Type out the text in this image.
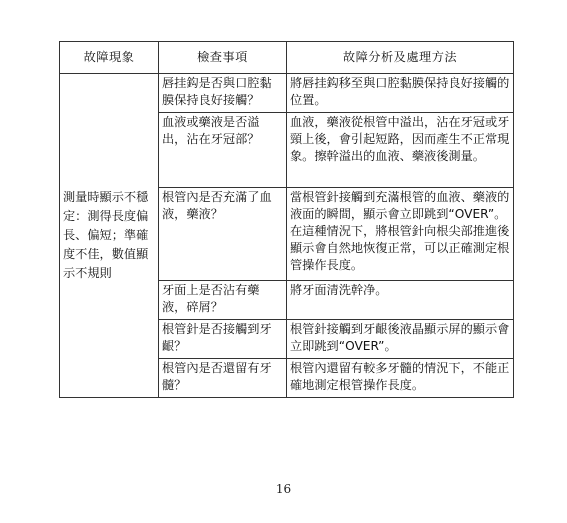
故障現象	檢查事項	故障分析及處理方法
測量時顯示不穩定：測得長度偏長、偏短；準確度不佳，數值顯示不規則	唇挂鈎是否與口腔黏膜保持良好接觸？	將唇挂鈎移至與口腔黏膜保持良好接觸的位置。
	血液或藥液是否溢出，沾在牙冠部？	血液，藥液從根管中溢出，沾在牙冠或牙頸上後，會引起短路，因而產生不正常現象。擦幹溢出的血液、藥液後測量。
	根管內是否充滿了血液，藥液？	當根管針接觸到充滿根管的血液、藥液的液面的瞬間，顯示會立即跳到“OVER”。在這種情況下，將根管針向根尖部推進後顯示會自然地恢復正常，可以正確測定根管操作長度。
	牙面上是否沾有藥液，碎屑？	將牙面清洗幹净。
	根管針是否接觸到牙齦？	根管針接觸到牙齦後液晶顯示屏的顯示會立即跳到“OVER”。
	根管內是否還留有牙髓？	根管內還留有較多牙髓的情況下，不能正確地測定根管操作長度。
16
